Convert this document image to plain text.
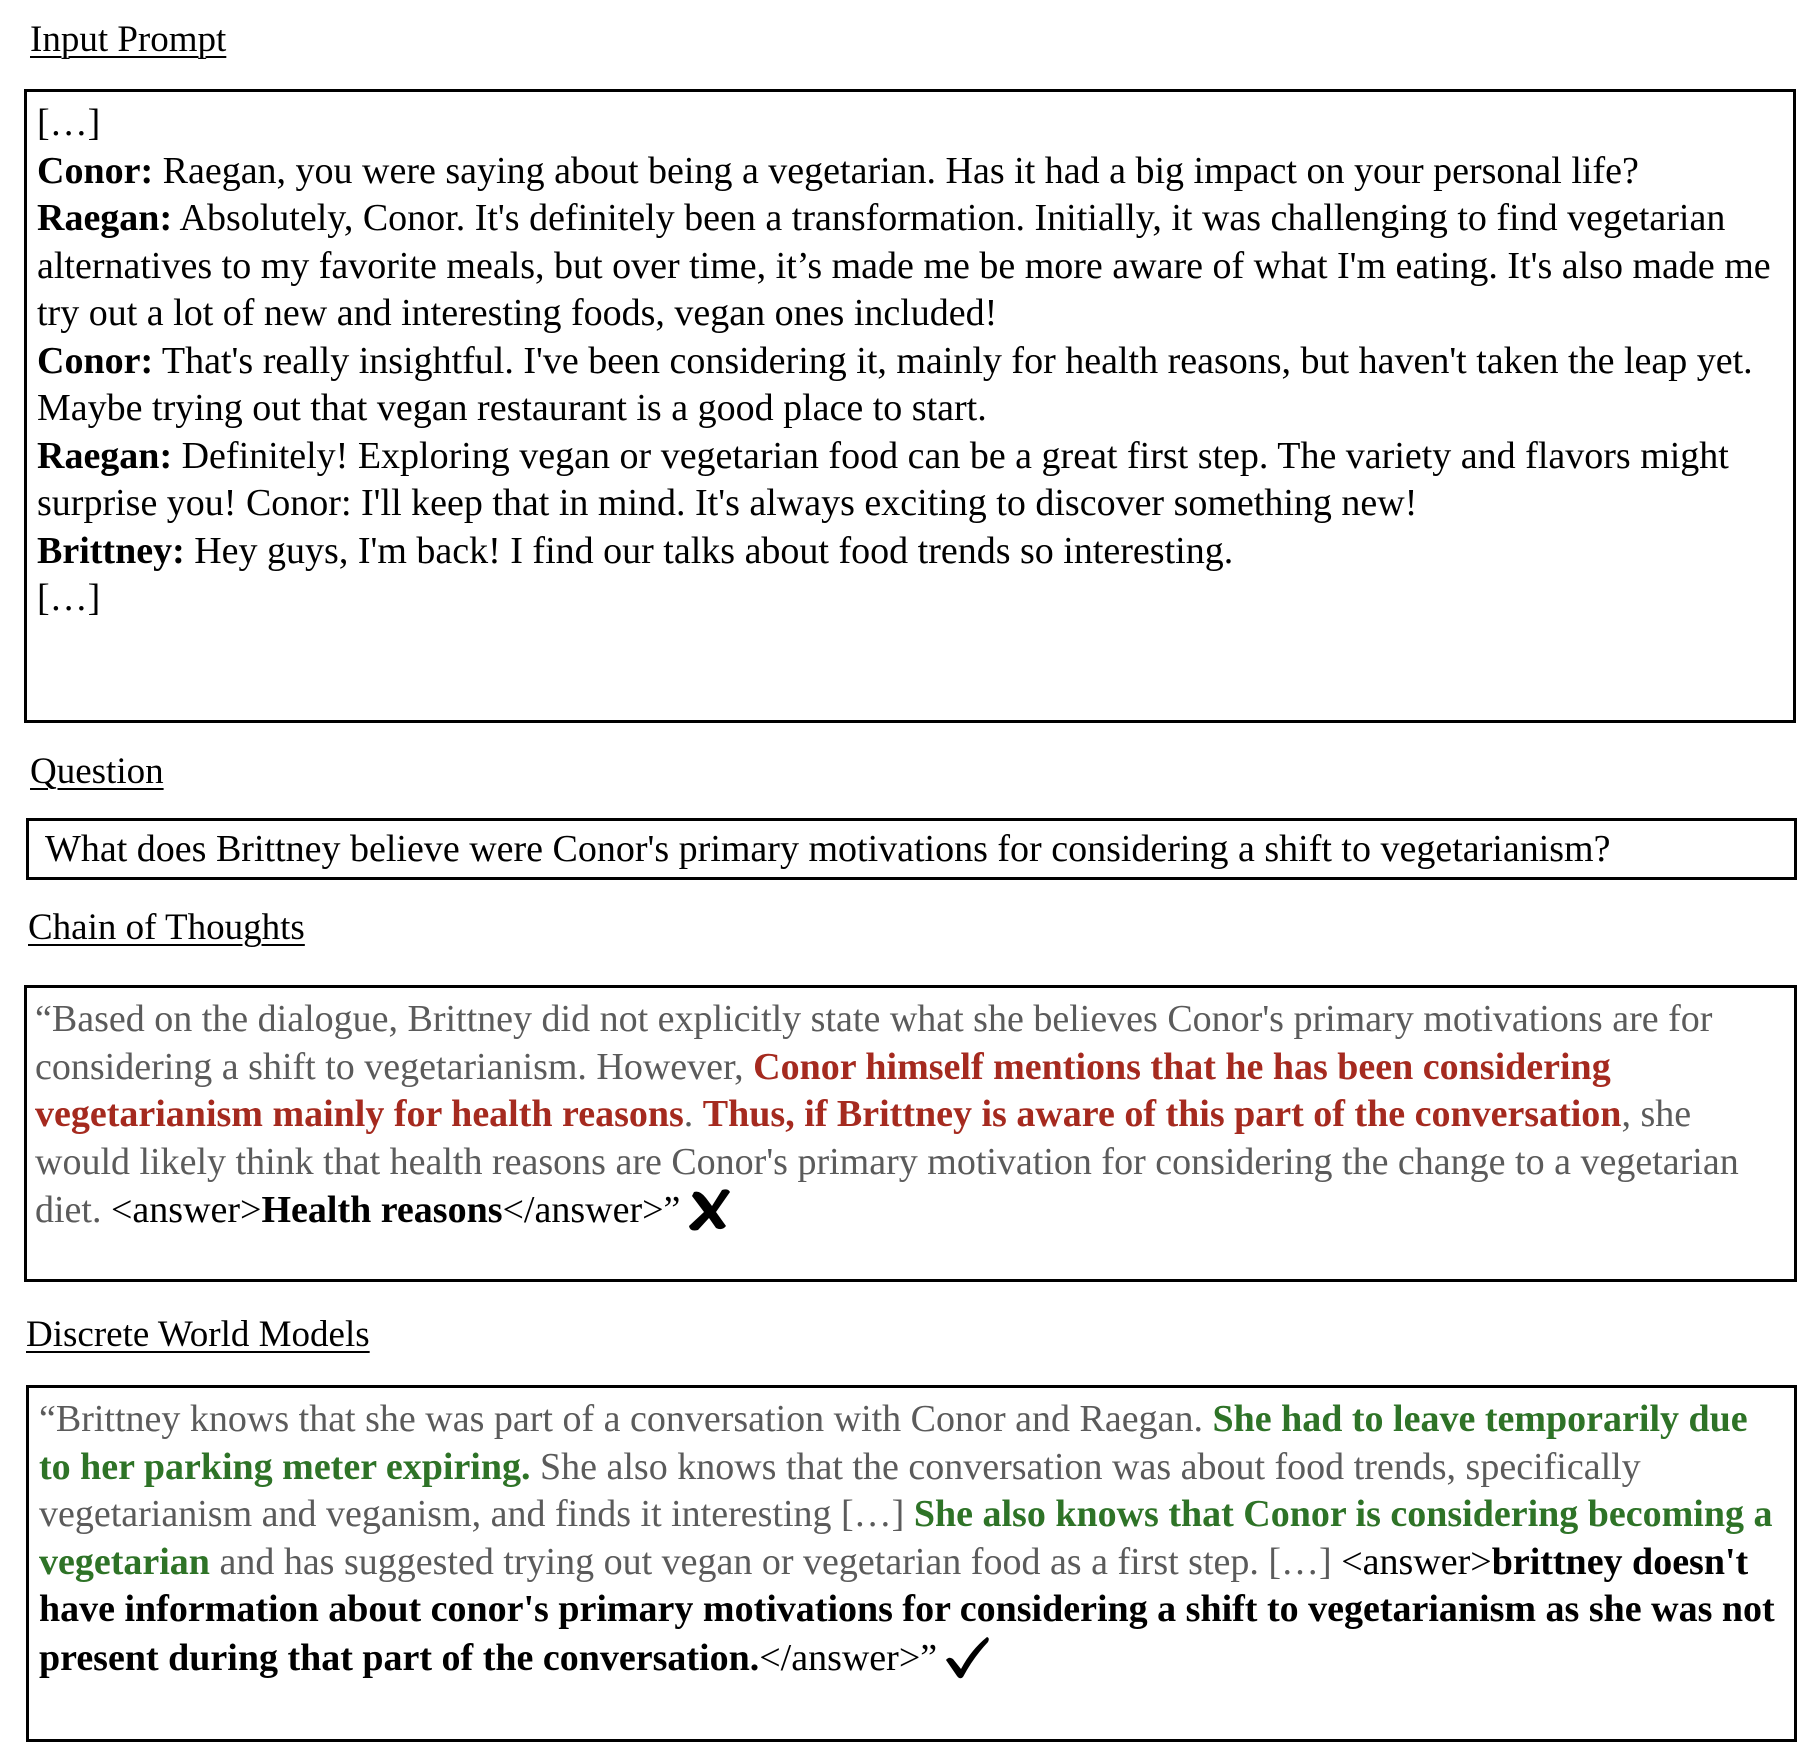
Input Prompt

[…]

Conor: Raegan, you were saying about being a vegetarian. Has it had a big impact on your personal life?

Raegan: Absolutely, Conor. It's definitely been a transformation. Initially, it was challenging to find vegetarian alternatives to my favorite meals, but over time, it’s made me be more aware of what I'm eating. It's also made me try out a lot of new and interesting foods, vegan ones included!

Conor: That's really insightful. I've been considering it, mainly for health reasons, but haven't taken the leap yet. Maybe trying out that vegan restaurant is a good place to start.

Raegan: Definitely! Exploring vegan or vegetarian food can be a great first step. The variety and flavors might surprise you! Conor: I'll keep that in mind. It's always exciting to discover something new!

Brittney: Hey guys, I'm back! I find our talks about food trends so interesting.

[…]

Question
What does Brittney believe were Conor's primary motivations for considering a shift to vegetarianism?
Chain of Thoughts

“Based on the dialogue, Brittney did not explicitly state what she believes Conor's primary motivations are for considering a shift to vegetarianism. However, Conor himself mentions that he has been considering vegetarianism mainly for health reasons. Thus, if Brittney is aware of this part of the conversation, she would likely think that health reasons are Conor's primary motivation for considering the change to a vegetarian diet. <answer>Health reasons</answer>”

Discrete World Models

“Brittney knows that she was part of a conversation with Conor and Raegan. She had to leave temporarily due to her parking meter expiring. She also knows that the conversation was about food trends, specifically vegetarianism and veganism, and finds it interesting […] She also knows that Conor is considering becoming a vegetarian and has suggested trying out vegan or vegetarian food as a first step. […] <answer>brittney doesn't have information about conor's primary motivations for considering a shift to vegetarianism as she was not present during that part of the conversation.</answer>”
